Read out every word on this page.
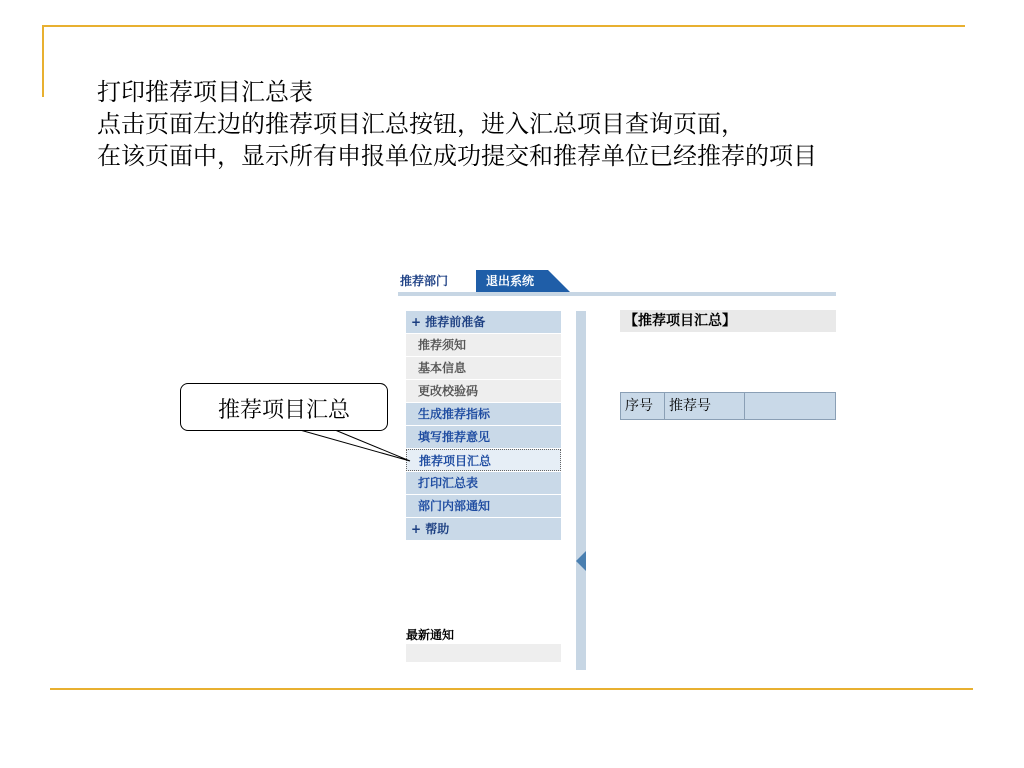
打印推荐项目汇总表
点击页面左边的推荐项目汇总按钮，进入汇总项目查询页面，
在该页面中，显示所有申报单位成功提交和推荐单位已经推荐的项目
推荐部门	退出系统
+ 推荐前准备
推荐须知
基本信息
更改校验码
生成推荐指标
填写推荐意见
推荐项目汇总
打印汇总表
部门内部通知
+ 帮助
最新通知
【推荐项目汇总】
序号	推荐号
推荐项目汇总
